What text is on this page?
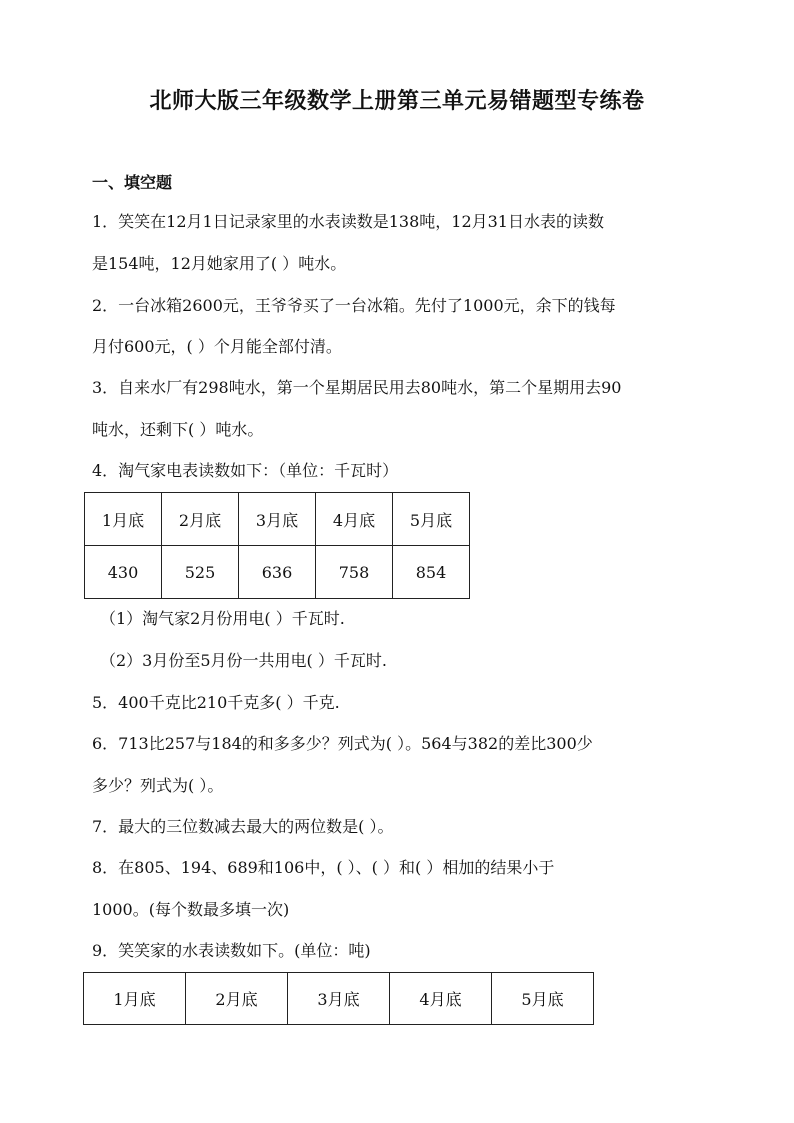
北师大版三年级数学上册第三单元易错题型专练卷
一、填空题
1．笑笑在12月1日记录家里的水表读数是138吨，12月31日水表的读数
是154吨，12月她家用了( ）吨水。
2．一台冰箱2600元，王爷爷买了一台冰箱。先付了1000元，余下的钱每
月付600元，( ）个月能全部付清。
3．自来水厂有298吨水，第一个星期居民用去80吨水，第二个星期用去90
吨水，还剩下( ）吨水。
4．淘气家电表读数如下：（单位：千瓦时）
1月底	2月底	3月底	4月底	5月底
430	525	636	758	854
（1）淘气家2月份用电( ）千瓦时.
（2）3月份至5月份一共用电( ）千瓦时.
5．400千克比210千克多( ）千克.
6．713比257与184的和多多少？列式为( ）。564与382的差比300少
多少？列式为( ）。
7．最大的三位数减去最大的两位数是( ）。
8．在805、194、689和106中，( ）、( ）和( ）相加的结果小于
1000。(每个数最多填一次)
9．笑笑家的水表读数如下。(单位：吨)
1月底	2月底	3月底	4月底	5月底
